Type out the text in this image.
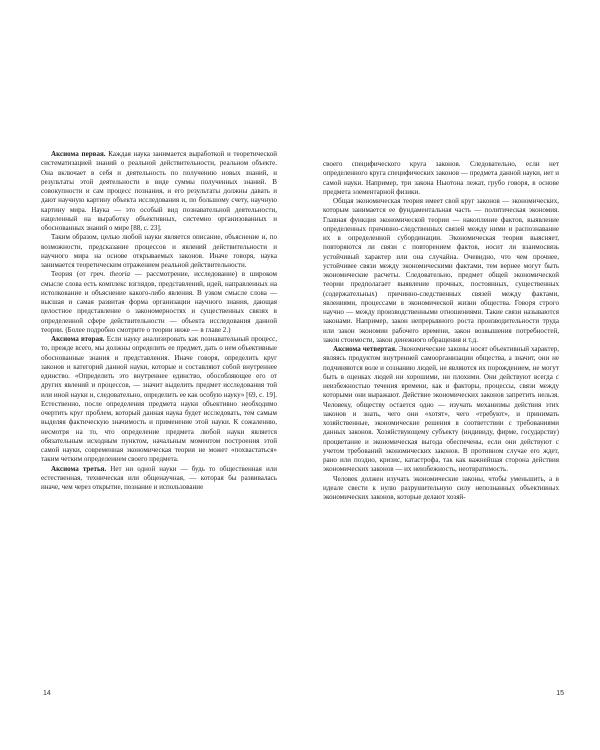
Аксиома первая. Каждая наука занимается выработкой и теоретической систематизацией знаний о реальной действительности, реальном объекте. Она включает в себя и деятельность по получению новых знаний, и результаты этой деятельности в виде суммы полученных знаний. В совокупности и сам процесс познания, и его результаты должны давать и дают научную картину объекта исследования и, по большому счету, научную картину мира. Наука — это особый вид познавательной деятельности, нацеленный на выработку объективных, системно организованных и обоснованных знаний о мире [88, с. 23].

Таким образом, целью любой науки является описание, объяснение и, по возможности, предсказание процессов и явлений действительности и научного мира на основе открываемых законов. Иначе говоря, наука занимается теоретическим отражением реальной действительности.

Теория (от греч. theoria — рассмотрение, исследование) в широком смысле слова есть комплекс взглядов, представлений, идей, направленных на истолкование и объяснение какого-либо явления. В узком смысле слова — высшая и самая развитая форма организации научного знания, дающая целостное представление о закономерностях и существенных связях в определенной сфере действительности — объекта исследования данной теории. (Более подробно смотрите о теории ниже — в главе 2.)

Аксиома вторая. Если науку анализировать как познавательный процесс, то, прежде всего, мы должны определить ее предмет, дать о нем объективные обоснованные знания и представления. Иначе говоря, определить круг законов и категорий данной науки, которые и составляют собой внутреннее единство. «Определить это внутреннее единство, обособляющее его от других явлений и процессов, — значит выделить предмет исследования той или иной науки и, следовательно, определить ее как особую науку» [69, с. 19]. Естественно, после определения предмета науки объективно необходимо очертить круг проблем, который данная наука будет исследовать, тем самым выделяя фактическую значимость и применение этой науки. К сожалению, несмотря на то, что определение предмета любой науки является обязательным исходным пунктом, начальным моментом построения этой самой науки, современная экономическая теория не может «похвастаться» таким четким определением своего предмета.

Аксиома третья. Нет ни одной науки — будь то общественная или естественная, техническая или общенаучная, — которая бы развивалась иначе, чем через открытие, познание и использование

14

своего специфического круга законов. Следовательно, если нет определенного круга специфических законов — предмета данной науки, нет и самой науки. Например, три закона Ньютона лежат, грубо говоря, в основе предмета элементарной физики.

Общая экономическая теория имеет свой круг законов — экономических, которым занимается ее фундаментальная часть — политическая экономия. Главная функция экономической теории — накопление фактов, выявление определенных причинно-следственных связей между ними и распознавание их в определенной субординации. Экономическая теория выясняет, повторяются ли связи с повторением фактов, носит ли взаимосвязь устойчивый характер или она случайна. Очевидно, что чем прочнее, устойчивее связи между экономическими фактами, тем вернее могут быть экономические расчеты. Следовательно, предмет общей экономической теории предполагает выявление прочных, постоянных, существенных (содержательных) причинно-следственных связей между фактами, явлениями, процессами в экономической жизни общества. Говоря строго научно — между производственными отношениями. Такие связи называются законами. Например, закон непрерывного роста производительности труда или закон экономии рабочего времени, закон возвышения потребностей, закон стоимости, закон денежного обращения и т.д.

Аксиома четвертая. Экономические законы носят объективный характер, являясь продуктом внутренней самоорганизации общества, а значит, они не подчиняются воле и сознанию людей, не являются их порождением, не могут быть в оценках людей ни хорошими, ни плохими. Они действуют всегда с неизбежностью течения времени, как и факторы, процессы, связи между которыми они выражают. Действие экономических законов запретить нельзя. Человеку, обществу остается одно — изучать механизмы действия этих законов и знать, чего они «хотят», чего «требуют», и принимать хозяйственные, экономические решения в соответствии с требованиями данных законов. Хозяйствующему субъекту (индивиду, фирме, государству) процветание и экономическая выгода обеспечены, если они действуют с учетом требований экономических законов. В противном случае его ждет, рано или поздно, кризис, катастрофа, так как важнейшая сторона действия экономических законов — их неизбежность, неотвратимость.

Человек должен изучать экономические законы, чтобы уменьшить, а в идеале свести к нулю разрушительную силу непознанных объективных экономических законов, которые делают хозяй-

15
